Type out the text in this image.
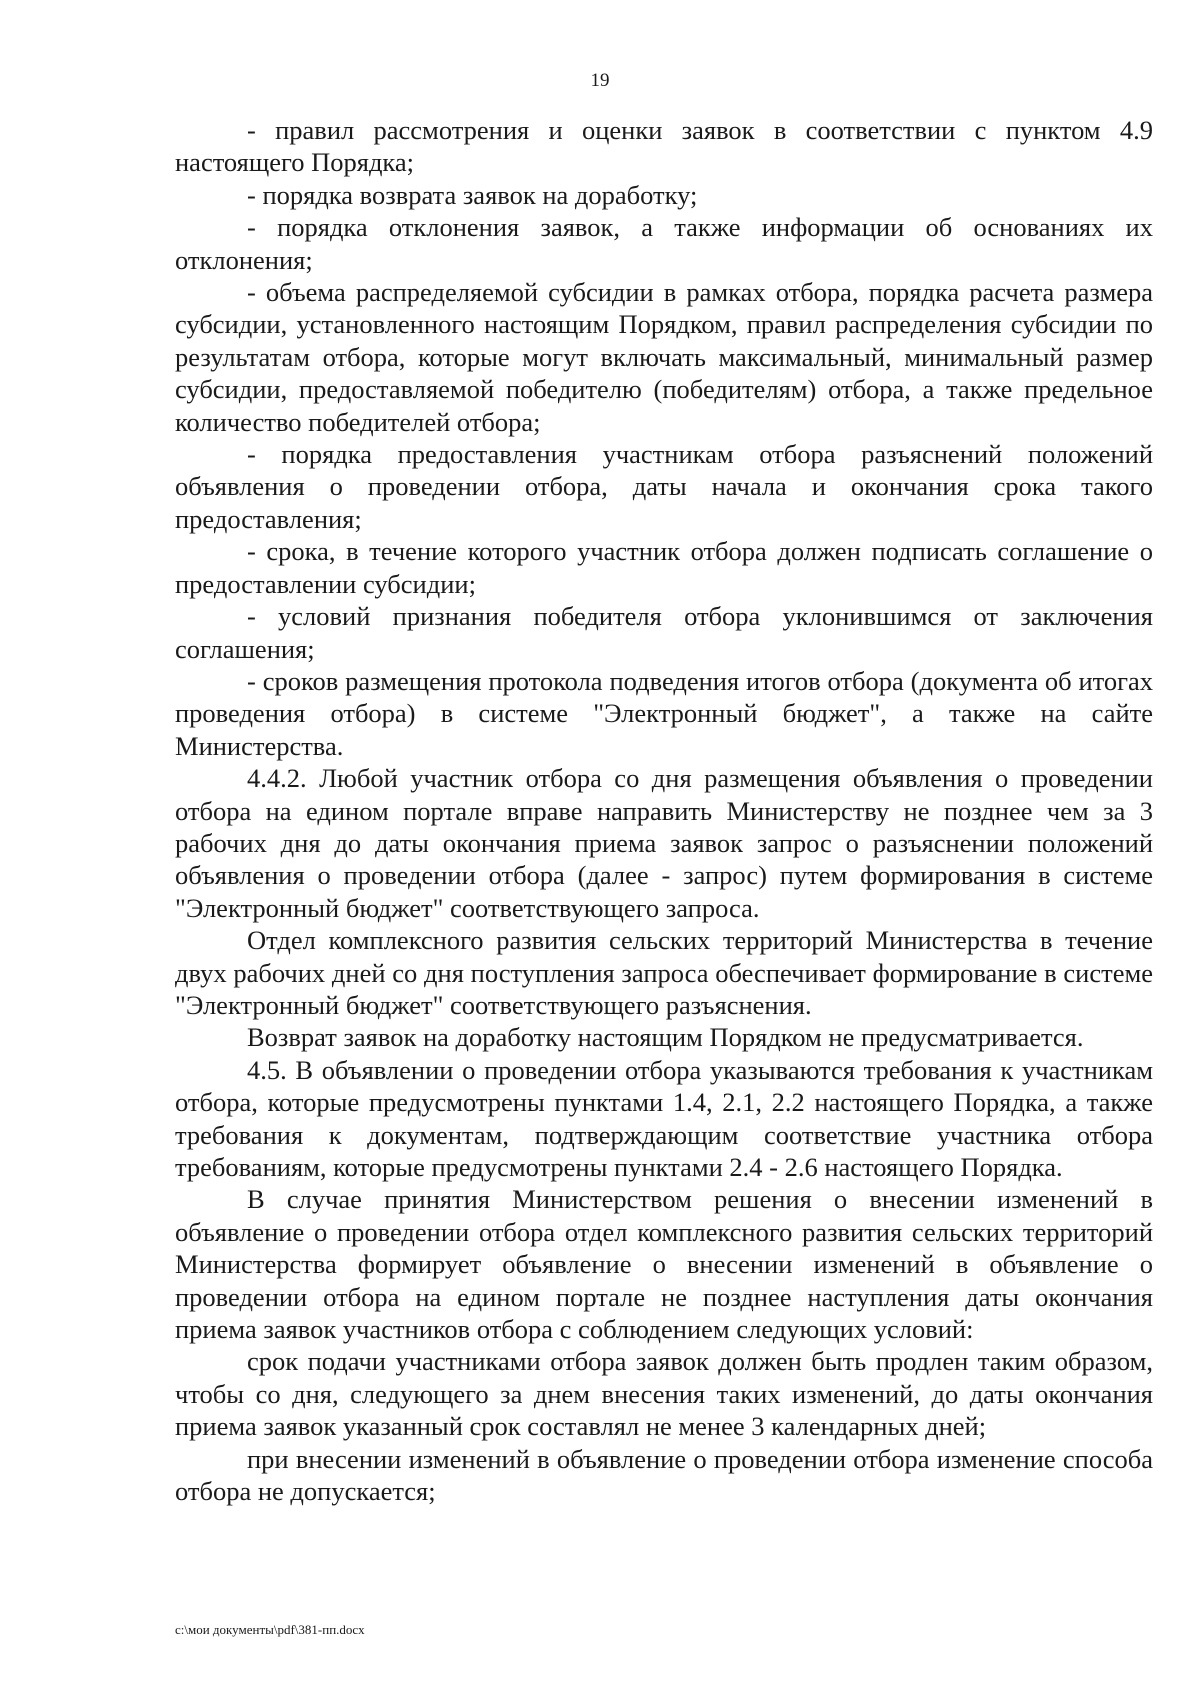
19

- правил рассмотрения и оценки заявок в соответствии с пунктом 4.9 настоящего Порядка;

- порядка возврата заявок на доработку;

- порядка отклонения заявок, а также информации об основаниях их отклонения;

- объема распределяемой субсидии в рамках отбора, порядка расчета размера субсидии, установленного настоящим Порядком, правил распределения субсидии по результатам отбора, которые могут включать максимальный, минимальный размер субсидии, предоставляемой победителю (победителям) отбора, а также предельное количество победителей отбора;

- порядка предоставления участникам отбора разъяснений положений объявления о проведении отбора, даты начала и окончания срока такого предоставления;

- срока, в течение которого участник отбора должен подписать соглашение о предоставлении субсидии;

- условий признания победителя отбора уклонившимся от заключения соглашения;

- сроков размещения протокола подведения итогов отбора (документа об итогах проведения отбора) в системе "Электронный бюджет", а также на сайте Министерства.

4.4.2. Любой участник отбора со дня размещения объявления о проведении отбора на едином портале вправе направить Министерству не позднее чем за 3 рабочих дня до даты окончания приема заявок запрос о разъяснении положений объявления о проведении отбора (далее - запрос) путем формирования в системе "Электронный бюджет" соответствующего запроса.

Отдел комплексного развития сельских территорий Министерства в течение двух рабочих дней со дня поступления запроса обеспечивает формирование в системе "Электронный бюджет" соответствующего разъяснения.

Возврат заявок на доработку настоящим Порядком не предусматривается.

4.5. В объявлении о проведении отбора указываются требования к участникам отбора, которые предусмотрены пунктами 1.4, 2.1, 2.2 настоящего Порядка, а также требования к документам, подтверждающим соответствие участника отбора требованиям, которые предусмотрены пунктами 2.4 - 2.6 настоящего Порядка.

В случае принятия Министерством решения о внесении изменений в объявление о проведении отбора отдел комплексного развития сельских территорий Министерства формирует объявление о внесении изменений в объявление о проведении отбора на едином портале не позднее наступления даты окончания приема заявок участников отбора с соблюдением следующих условий:

срок подачи участниками отбора заявок должен быть продлен таким образом, чтобы со дня, следующего за днем внесения таких изменений, до даты окончания приема заявок указанный срок составлял не менее 3 календарных дней;

при внесении изменений в объявление о проведении отбора изменение способа отбора не допускается;

c:\мои документы\pdf\381-пп.docx
